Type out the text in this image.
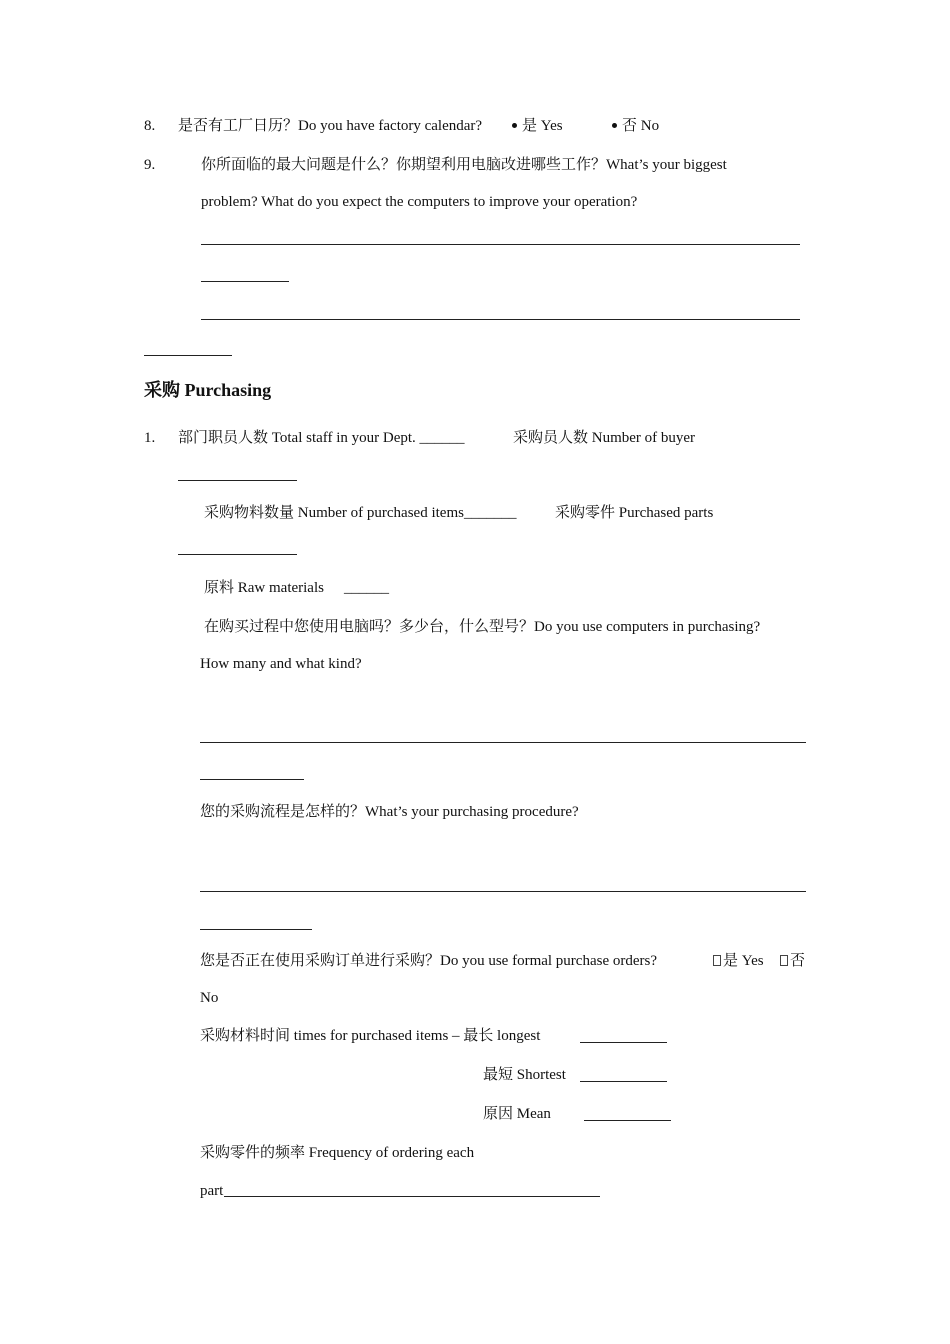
8. 是否有工厂日历？Do you have factory calendar?	是 Yes	否 No
9.	你所面临的最大问题是什么？你期望利用电脑改进哪些工作？What’s your biggest
problem? What do you expect the computers to improve your operation?
采购 Purchasing
1. 部门职员人数 Total staff in your Dept. ______	采购员人数 Number of buyer
采购物料数量 Number of purchased items_______	采购零件 Purchased parts
原料 Raw materials ______
在购买过程中您使用电脑吗？多少台，什么型号？Do you use computers in purchasing?
How many and what kind?
您的采购流程是怎样的？What’s your purchasing procedure?
您是否正在使用采购订单进行采购？Do you use formal purchase orders?	是 Yes	否
No
采购材料时间 times for purchased items – 最长 longest
最短 Shortest
原因 Mean
采购零件的频率 Frequency of ordering each
part
